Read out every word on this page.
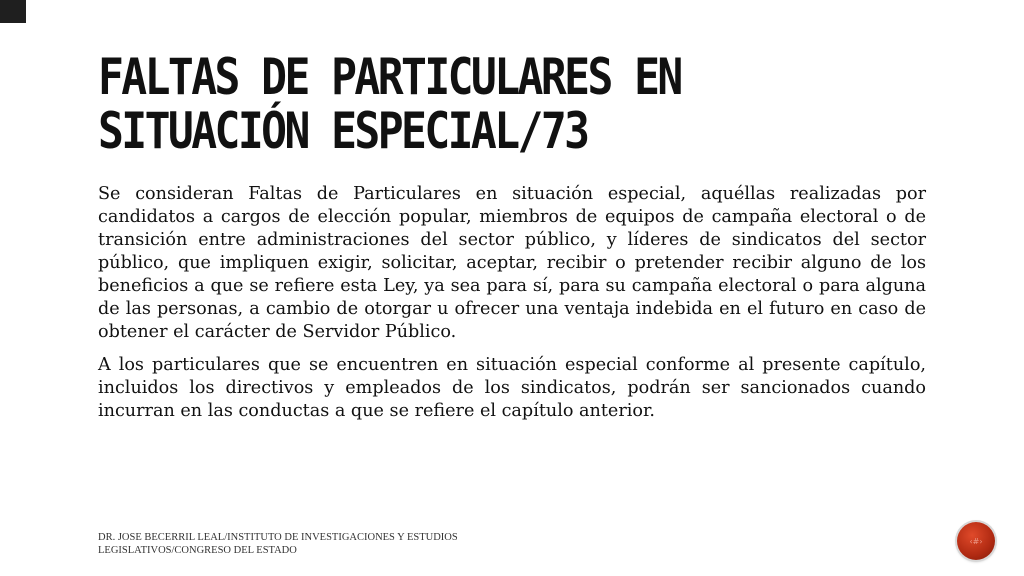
FALTAS DE PARTICULARES EN SITUACIÓN ESPECIAL/73

Se consideran Faltas de Particulares en situación especial, aquéllas realizadas por candidatos a cargos de elección popular, miembros de equipos de campaña electoral o de transición entre administraciones del sector público, y líderes de sindicatos del sector público, que impliquen exigir, solicitar, aceptar, recibir o pretender recibir alguno de los beneficios a que se refiere esta Ley, ya sea para sí, para su campaña electoral o para alguna de las personas, a cambio de otorgar u ofrecer una ventaja indebida en el futuro en caso de obtener el carácter de Servidor Público.

A los particulares que se encuentren en situación especial conforme al presente capítulo, incluidos los directivos y empleados de los sindicatos, podrán ser sancionados cuando incurran en las conductas a que se refiere el capítulo anterior.

DR. JOSE BECERRIL LEAL/INSTITUTO DE INVESTIGACIONES Y ESTUDIOS LEGISLATIVOS/CONGRESO DEL ESTADO
‹#›
